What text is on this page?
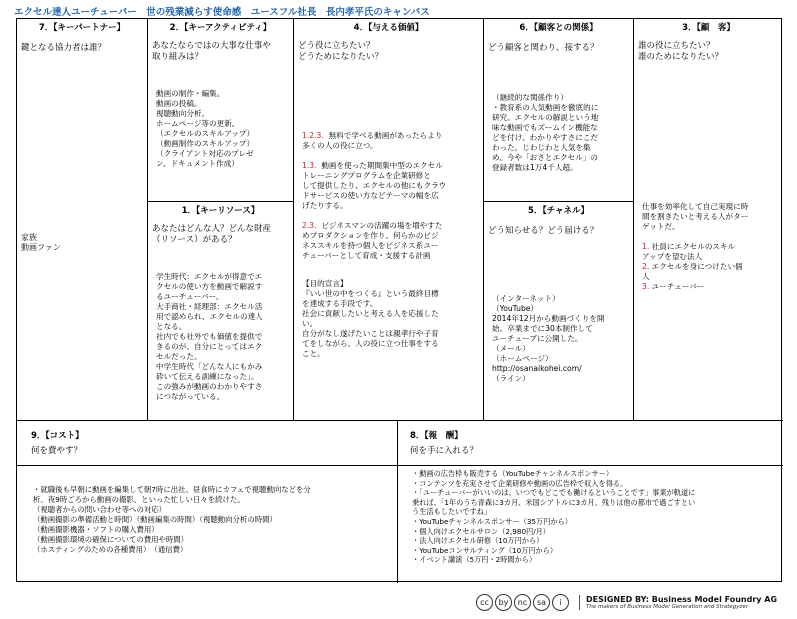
エクセル達人ユーチューバー　世の残業減らす使命感　ユースフル社長　長内孝平氏のキャンバス
7．【キーパートナー】
鍵となる協力者は誰？
家族
動画ファン
2．【キーアクティビティ】
あなたならではの大事な仕事や
取り組みは？
動画の制作・編集。
動画の投稿。
視聴動向分析。
ホームページ等の更新。
（エクセルのスキルアップ）
（動画制作のスキルアップ）
（クライアント対応のプレゼ
ン、ドキュメント作成）
1．【キーリソース】
あなたはどんな人？どんな財産
（リソース）がある？
学生時代：エクセルが得意でエ
クセルの使い方を動画で解説す
るユーチューバー。
大手商社・経理部：エクセル活
用で認められ、エクセルの達人
となる。
社内でも社外でも価値を提供で
きるのが、自分にとってはエク
セルだった。
中学生時代「どんな人にもかみ
砕いて伝える訓練になった」。
この強みが動画のわかりやすさ
につながっている。
4．【与える価値】
どう役に立ちたい？
どうためになりたい？
1.2.3.  無料で学べる動画があったらより
多くの人の役に立つ。
1.3.  動画を使った期間集中型のエクセル
トレーニングプログラムを企業研修と
して提供したり、エクセルの他にもクラウ
ドサービスの使い方などテーマの幅を広
げたりする。
2.3.  ビジネスマンの活躍の場を増やすた
めプロダクションを作り、何らかのビジ
ネススキルを持つ個人をビジネス系ユー
チューバーとして育成・支援する計画
【目的宣言】
『いい世の中をつくる』という最終目標
を達成する手段です。
社会に貢献したいと考える人を応援した
い。
自分がなし遂げたいことは親孝行や子育
てをしながら、人の役に立つ仕事をする
こと。
6．【顧客との関係】
どう顧客と関わり、接する？
（継続的な関係作り）
・教育系の人気動画を徹底的に
研究。エクセルの解説という地
味な動画でもズームイン機能な
どを付け、わかりやすさにこだ
わった。じわじわと人気を集
め、今や「おさとエクセル」の
登録者数は1万4千人超。
5．【チャネル】
どう知らせる？どう届ける？
（インターネット）
（YouTube）
2014年12月から動画づくりを開
始。卒業までに30本制作して
ユーチューブに公開した。
（メール）
（ホームページ）
http://osanaikohei.com/
（ライン）
3．【顧　客】
誰の役に立ちたい？
誰のためになりたい？
仕事を効率化して自己実現に時
間を割きたいと考える人がター
ゲットだ。
1. 社員にエクセルのスキル
アップを望む法人
2. エクセルを身につけたい個
人
3. ユーチューバー
9．【コスト】
何を費やす？
・就職後も早朝に動画を編集して朝7時に出社、昼食時にカフェで視聴動向などを分
析、夜9時ごろから動画の撮影、といった忙しい日々を続けた。
（視聴者からの問い合わせ等への対応）
（動画撮影の準備活動と時間）（動画編集の時間）（視聴動向分析の時間）
（動画撮影機器・ソフトの購入費用）
（動画撮影環境の確保についての費用や時間）
（ホスティングのための各種費用）　（通信費）
8．【報　酬】
何を手に入れる？
・動画の広告枠も販売する（YouTubeチャンネルスポンサー）
・コンテンツを充実させて企業研修や動画の広告枠で収入を得る。
・「ユーチューバーがいいのは、いつでもどこでも働けるということです」事業が軌道に
乗れば、「1年のうち青森に3カ月、米国シアトルに3カ月、残りは他の都市で過ごすとい
う生活もしたいですね」
・YouTubeチャンネルスポンサー（35万円から）
・個人向けエクセルサロン（2,980円/月）
・法人向けエクセル研修（10万円から）
・YouTubeコンサルティング（10万円から）
・イベント講演（5万円・2時間から）
cc	by	nc	sa	i	DESIGNED BY: Business Model Foundry AG
The makers of Business Model Generation and Strategyzer
